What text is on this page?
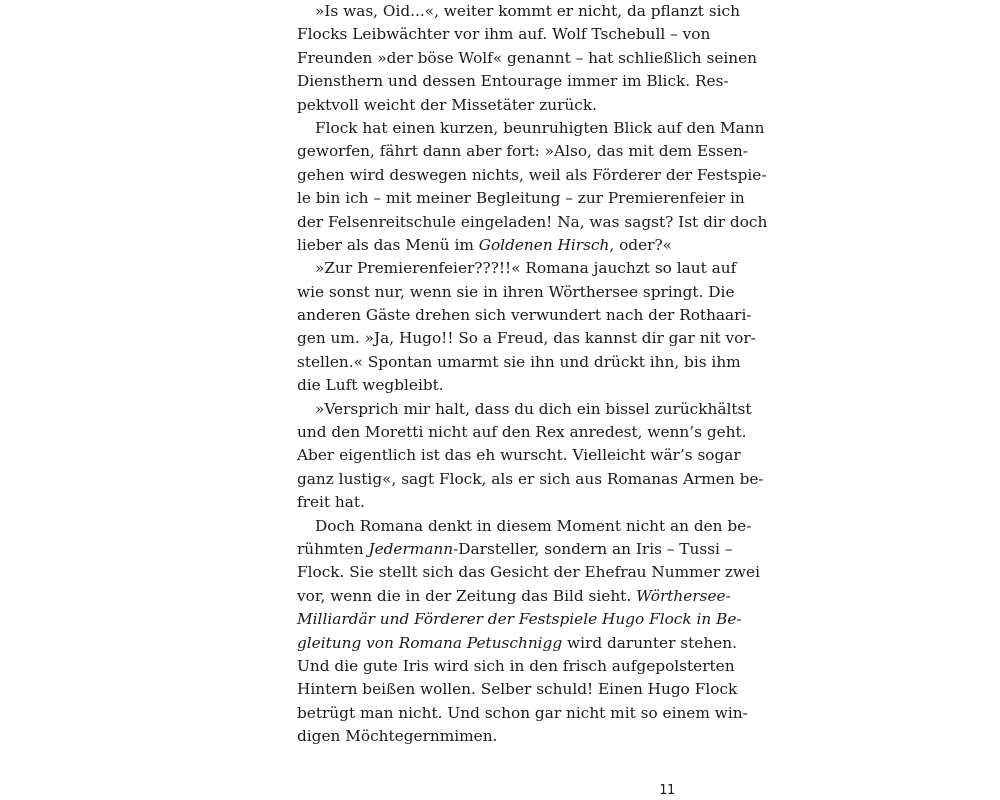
»Is was, Oid...«, weiter kommt er nicht, da pflanzt sich
Flocks Leibwächter vor ihm auf. Wolf Tschebull – von
Freunden »der böse Wolf« genannt – hat schließlich seinen
Diensthern und dessen Entourage immer im Blick. Res-
pektvoll weicht der Missetäter zurück.
Flock hat einen kurzen, beunruhigten Blick auf den Mann
geworfen, fährt dann aber fort: »Also, das mit dem Essen-
gehen wird deswegen nichts, weil als Förderer der Festspie-
le bin ich – mit meiner Begleitung – zur Premierenfeier in
der Felsenreitschule eingeladen! Na, was sagst? Ist dir doch
lieber als das Menü im Goldenen Hirsch, oder?«
»Zur Premierenfeier???!!« Romana jauchzt so laut auf
wie sonst nur, wenn sie in ihren Wörthersee springt. Die
anderen Gäste drehen sich verwundert nach der Rothaari-
gen um. »Ja, Hugo!! So a Freud, das kannst dir gar nit vor-
stellen.« Spontan umarmt sie ihn und drückt ihn, bis ihm
die Luft wegbleibt.
»Versprich mir halt, dass du dich ein bissel zurückhältst
und den Moretti nicht auf den Rex anredest, wenn’s geht.
Aber eigentlich ist das eh wurscht. Vielleicht wär’s sogar
ganz lustig«, sagt Flock, als er sich aus Romanas Armen be-
freit hat.
Doch Romana denkt in diesem Moment nicht an den be-
rühmten Jedermann-Darsteller, sondern an Iris – Tussi –
Flock. Sie stellt sich das Gesicht der Ehefrau Nummer zwei
vor, wenn die in der Zeitung das Bild sieht. Wörthersee-
Milliardär und Förderer der Festspiele Hugo Flock in Be-
gleitung von Romana Petuschnigg wird darunter stehen.
Und die gute Iris wird sich in den frisch aufgepolsterten
Hintern beißen wollen. Selber schuld! Einen Hugo Flock
betrügt man nicht. Und schon gar nicht mit so einem win-
digen Möchtegernmimen.
11
